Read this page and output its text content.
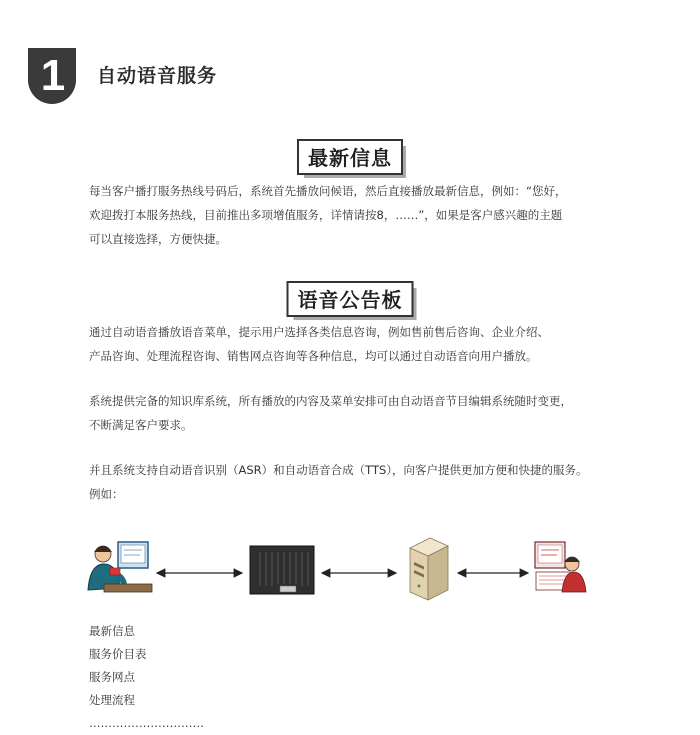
1 自动语音服务
最新信息
每当客户播打服务热线号码后，系统首先播放问候语，然后直接播放最新信息，例如：“您好，
欢迎拨打本服务热线，目前推出多项增值服务，详情请按8，……”，如果是客户感兴趣的主题
可以直接选择，方便快捷。
语音公告板
通过自动语音播放语音菜单，提示用户选择各类信息咨询，例如售前售后咨询、企业介绍、
产品咨询、处理流程咨询、销售网点咨询等各种信息，均可以通过自动语音向用户播放。
系统提供完备的知识库系统，所有播放的内容及菜单安排可由自动语音节目编辑系统随时变更，
不断满足客户要求。
并且系统支持自动语音识别（ASR）和自动语音合成（TTS），向客户提供更加方便和快捷的服务。
例如：
最新信息
服务价目表
服务网点
处理流程
…………………………
